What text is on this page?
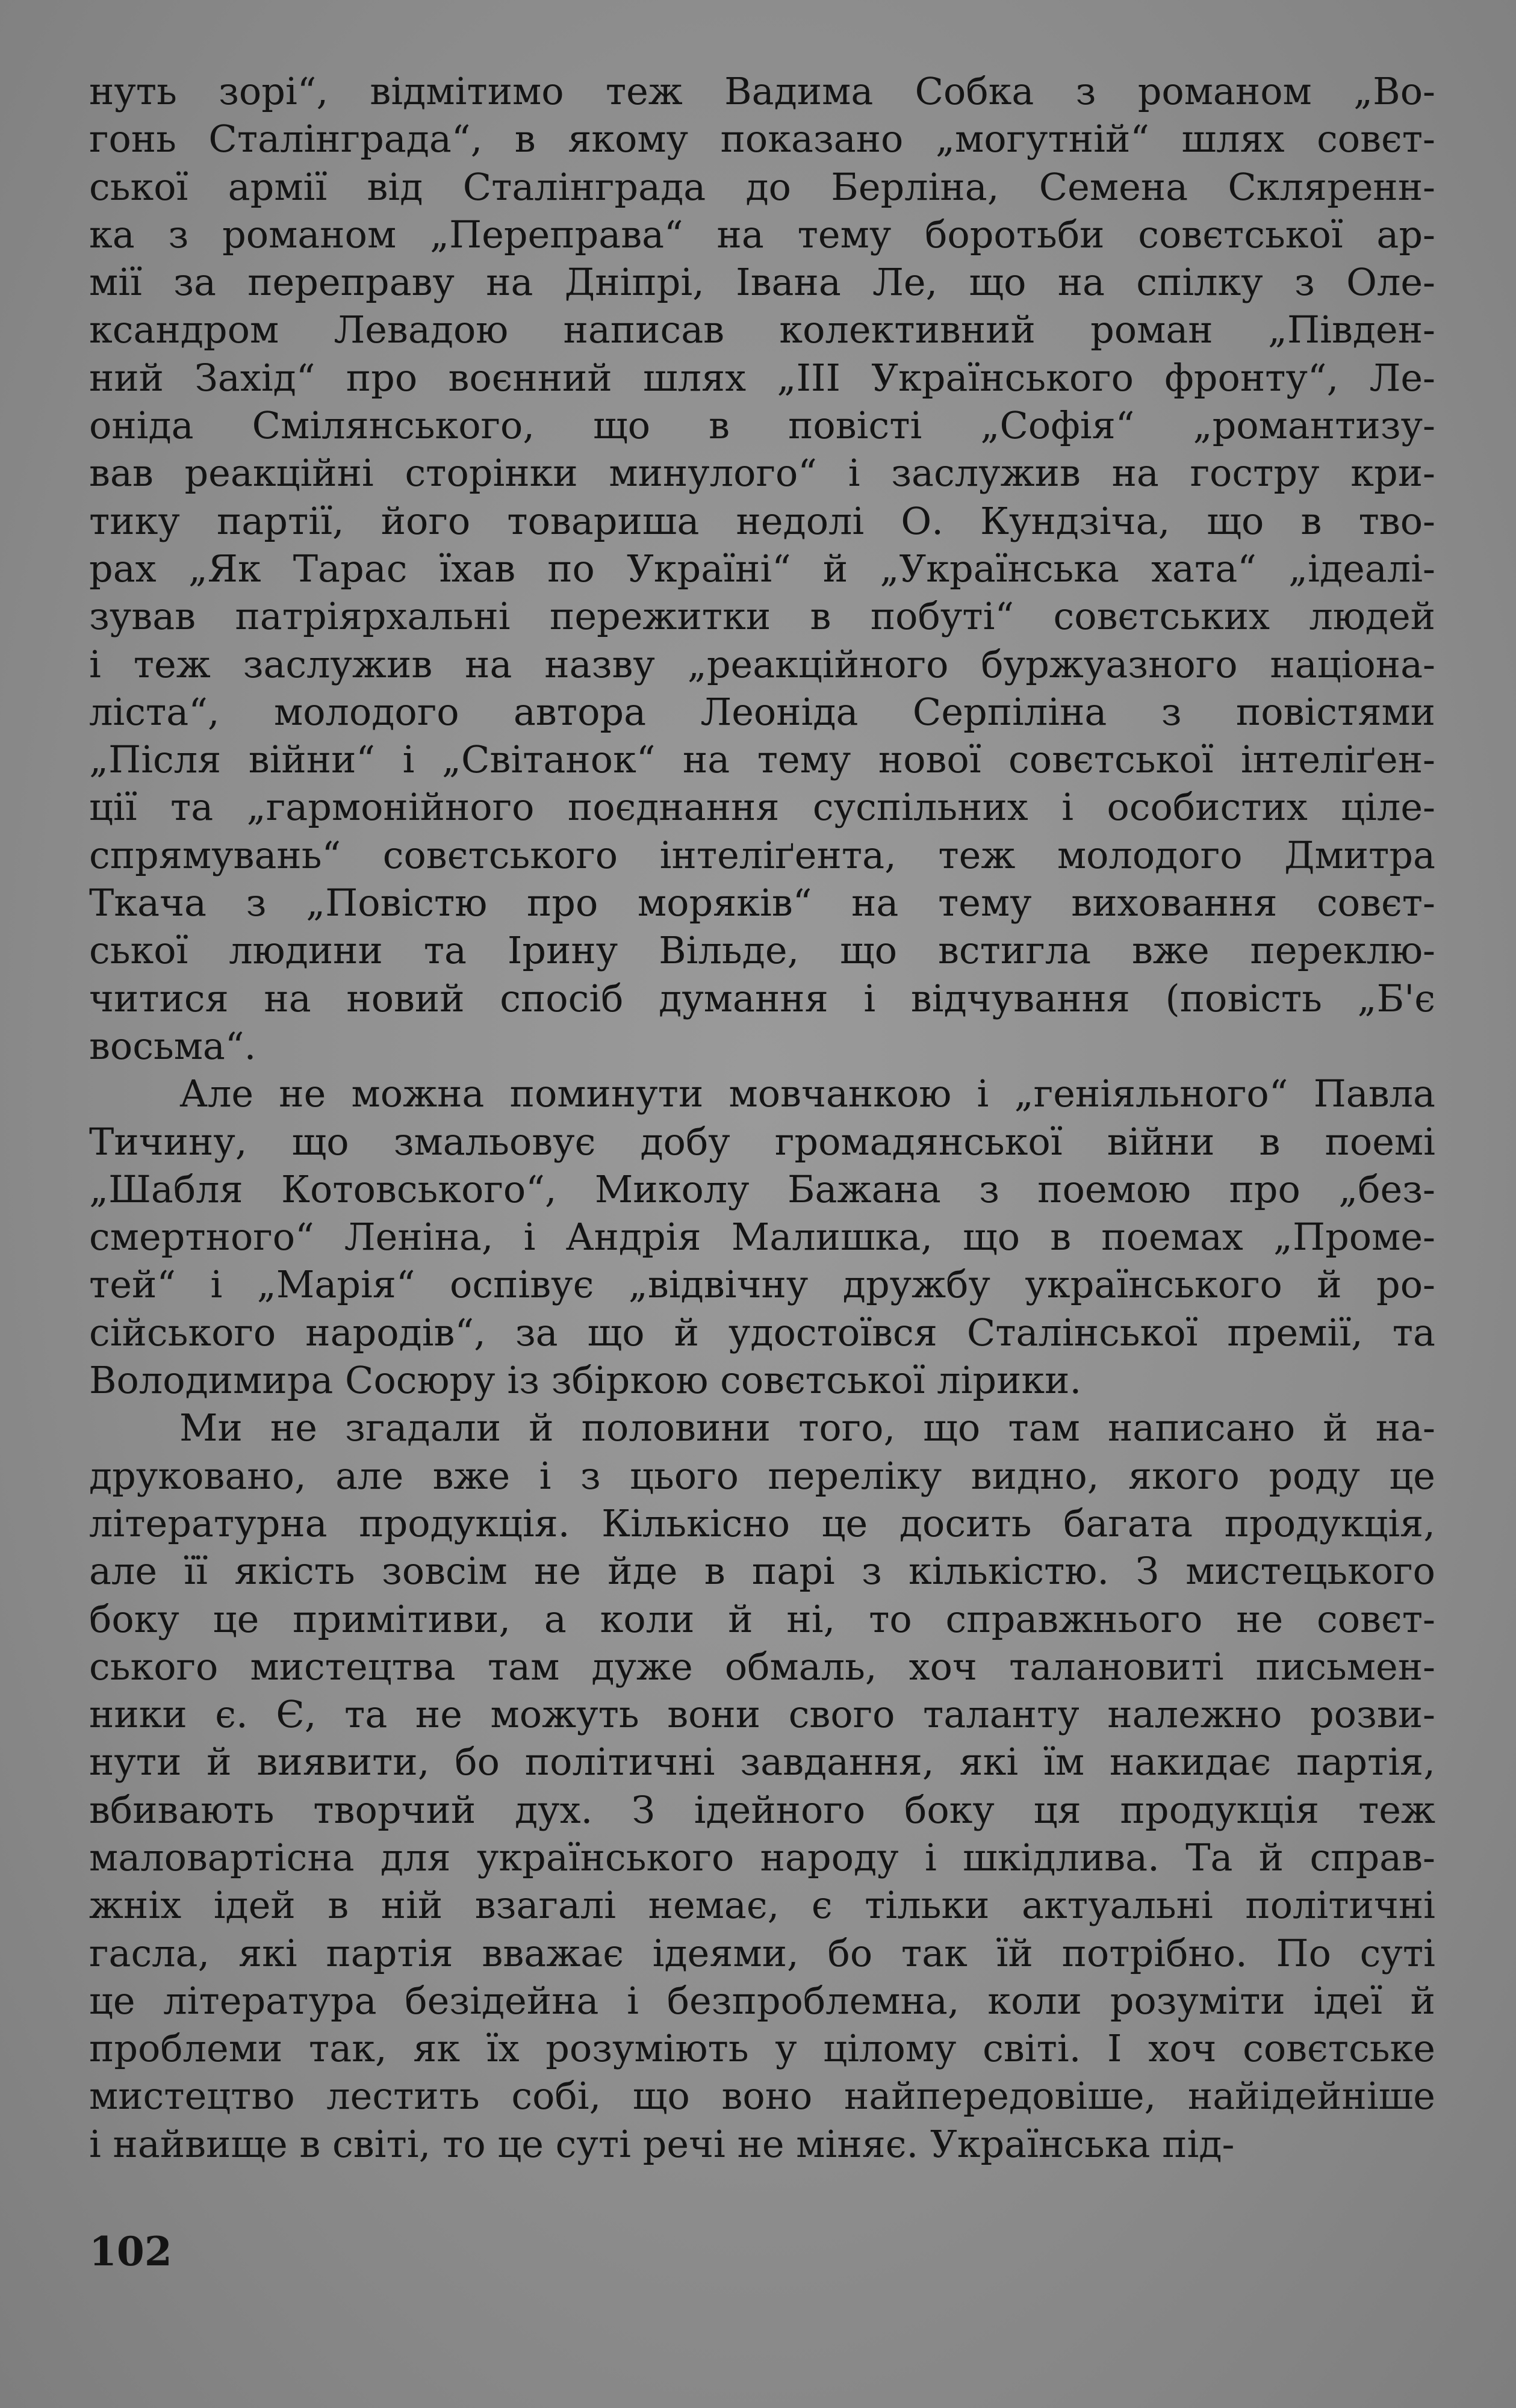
нуть зорі“, відмітимо теж Вадима Собка з романом „Во-
гонь Сталінграда“, в якому показано „могутній“ шлях совєт-
ської армії від Сталінграда до Берліна, Семена Скляренн-
ка з романом „Переправа“ на тему боротьби совєтської ар-
мії за переправу на Дніпрі, Івана Ле, що на спілку з Оле-
ксандром Левадою написав колективний роман „Півден-
ний Захід“ про воєнний шлях „ІІІ Українського фронту“, Ле-
оніда Смілянського, що в повісті „Софія“ „романтизу-
вав реакційні сторінки минулого“ і заслужив на гостру кри-
тику партії, його товариша недолі О. Кундзіча, що в тво-
рах „Як Тарас їхав по Україні“ й „Українська хата“ „ідеалі-
зував патріярхальні пережитки в побуті“ совєтських людей
і теж заслужив на назву „реакційного буржуазного націона-
ліста“, молодого автора Леоніда Серпіліна з повістями
„Після війни“ і „Світанок“ на тему нової совєтської інтеліґен-
ції та „гармонійного поєднання суспільних і особистих ціле-
спрямувань“ совєтського інтеліґента, теж молодого Дмитра
Ткача з „Повістю про моряків“ на тему виховання совєт-
ської людини та Ірину Вільде, що встигла вже переклю-
читися на новий спосіб думання і відчування (повість „Б'є
восьма“.
Але не можна поминути мовчанкою і „геніяльного“ Павла
Тичину, що змальовує добу громадянської війни в поемі
„Шабля Котовського“, Миколу Бажана з поемою про „без-
смертного“ Леніна, і Андрія Малишка, що в поемах „Проме-
тей“ і „Марія“ оспівує „відвічну дружбу українського й ро-
сійського народів“, за що й удостоївся Сталінської премії, та
Володимира Сосюру із збіркою совєтської лірики.
Ми не згадали й половини того, що там написано й на-
друковано, але вже і з цього переліку видно, якого роду це
літературна продукція. Кількісно це досить багата продукція,
але її якість зовсім не йде в парі з кількістю. З мистецького
боку це примітиви, а коли й ні, то справжнього не совєт-
ського мистецтва там дуже обмаль, хоч талановиті письмен-
ники є. Є, та не можуть вони свого таланту належно розви-
нути й виявити, бо політичні завдання, які їм накидає партія,
вбивають творчий дух. З ідейного боку ця продукція теж
маловартісна для українського народу і шкідлива. Та й справ-
жніх ідей в ній взагалі немає, є тільки актуальні політичні
гасла, які партія вважає ідеями, бо так їй потрібно. По суті
це література безідейна і безпроблемна, коли розуміти ідеї й
проблеми так, як їх розуміють у цілому світі. І хоч совєтське
мистецтво лестить собі, що воно найпередовіше, найідейніше
і найвище в світі, то це суті речі не міняє. Українська під-
102
